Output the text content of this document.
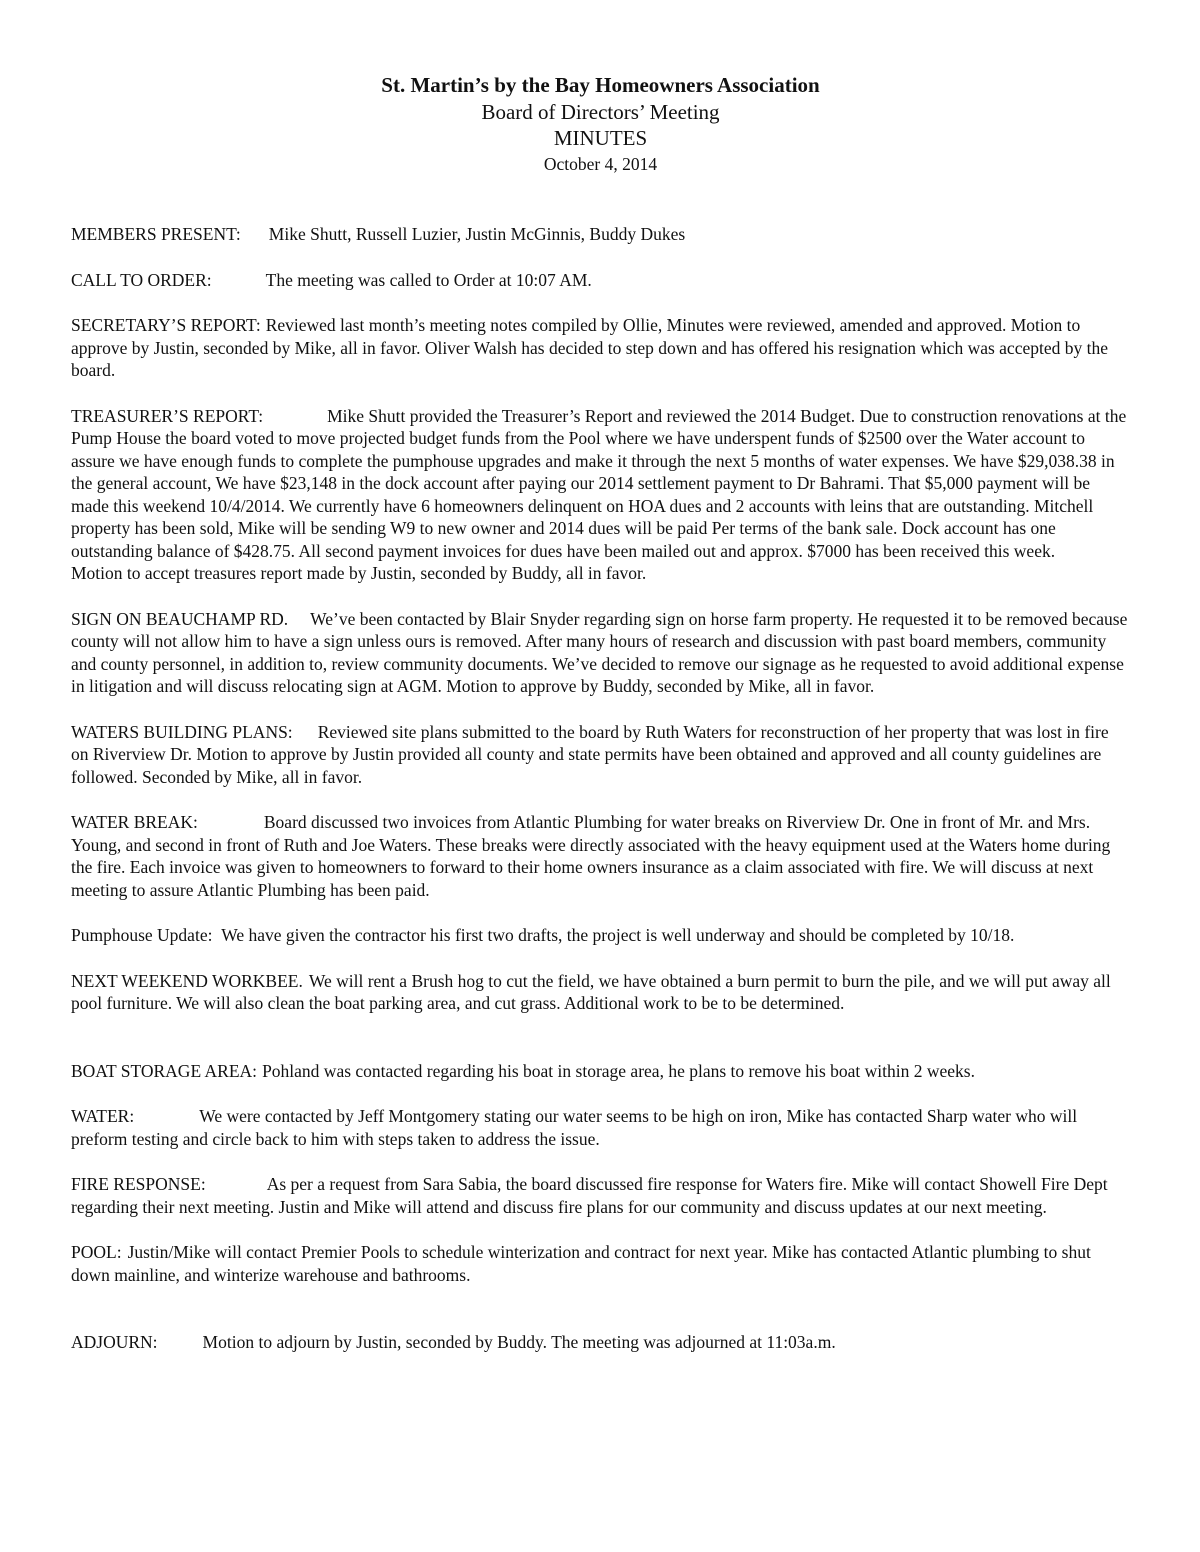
St. Martin’s by the Bay Homeowners Association
Board of Directors’ Meeting
MINUTES
October 4, 2014

MEMBERS PRESENT: Mike Shutt, Russell Luzier, Justin McGinnis, Buddy Dukes

CALL TO ORDER:	The meeting was called to Order at 10:07 AM.

SECRETARY’S REPORT: Reviewed last month’s meeting notes compiled by Ollie, Minutes were reviewed, amended and approved. Motion to approve by Justin, seconded by Mike, all in favor. Oliver Walsh has decided to step down and has offered his resignation which was accepted by the board.

TREASURER’S REPORT:	Mike Shutt provided the Treasurer’s Report and reviewed the 2014 Budget. Due to construction renovations at the Pump House the board voted to move projected budget funds from the Pool where we have underspent funds of $2500 over the Water account to assure we have enough funds to complete the pumphouse upgrades and make it through the next 5 months of water expenses. We have $29,038.38 in the general account, We have $23,148 in the dock account after paying our 2014 settlement payment to Dr Bahrami. That $5,000 payment will be made this weekend 10/4/2014. We currently have 6 homeowners delinquent on HOA dues and 2 accounts with leins that are outstanding. Mitchell property has been sold, Mike will be sending W9 to new owner and 2014 dues will be paid Per terms of the bank sale. Dock account has one outstanding balance of $428.75. All second payment invoices for dues have been mailed out and approx. $7000 has been received this week.
Motion to accept treasures report made by Justin, seconded by Buddy, all in favor.

SIGN ON BEAUCHAMP RD. We’ve been contacted by Blair Snyder regarding sign on horse farm property. He requested it to be removed because county will not allow him to have a sign unless ours is removed. After many hours of research and discussion with past board members, community and county personnel, in addition to, review community documents. We’ve decided to remove our signage as he requested to avoid additional expense in litigation and will discuss relocating sign at AGM. Motion to approve by Buddy, seconded by Mike, all in favor.

WATERS BUILDING PLANS: Reviewed site plans submitted to the board by Ruth Waters for reconstruction of her property that was lost in fire on Riverview Dr. Motion to approve by Justin provided all county and state permits have been obtained and approved and all county guidelines are followed. Seconded by Mike, all in favor.

WATER BREAK:	Board discussed two invoices from Atlantic Plumbing for water breaks on Riverview Dr. One in front of Mr. and Mrs. Young, and second in front of Ruth and Joe Waters. These breaks were directly associated with the heavy equipment used at the Waters home during the fire. Each invoice was given to homeowners to forward to their home owners insurance as a claim associated with fire. We will discuss at next meeting to assure Atlantic Plumbing has been paid.

Pumphouse Update: We have given the contractor his first two drafts, the project is well underway and should be completed by 10/18.

NEXT WEEKEND WORKBEE. We will rent a Brush hog to cut the field, we have obtained a burn permit to burn the pile, and we will put away all pool furniture. We will also clean the boat parking area, and cut grass. Additional work to be to be determined.

BOAT STORAGE AREA: Pohland was contacted regarding his boat in storage area, he plans to remove his boat within 2 weeks.

WATER:	We were contacted by Jeff Montgomery stating our water seems to be high on iron, Mike has contacted Sharp water who will preform testing and circle back to him with steps taken to address the issue.

FIRE RESPONSE:	As per a request from Sara Sabia, the board discussed fire response for Waters fire. Mike will contact Showell Fire Dept regarding their next meeting. Justin and Mike will attend and discuss fire plans for our community and discuss updates at our next meeting.

POOL: Justin/Mike will contact Premier Pools to schedule winterization and contract for next year. Mike has contacted Atlantic plumbing to shut down mainline, and winterize warehouse and bathrooms.

ADJOURN:	Motion to adjourn by Justin, seconded by Buddy. The meeting was adjourned at 11:03a.m.
